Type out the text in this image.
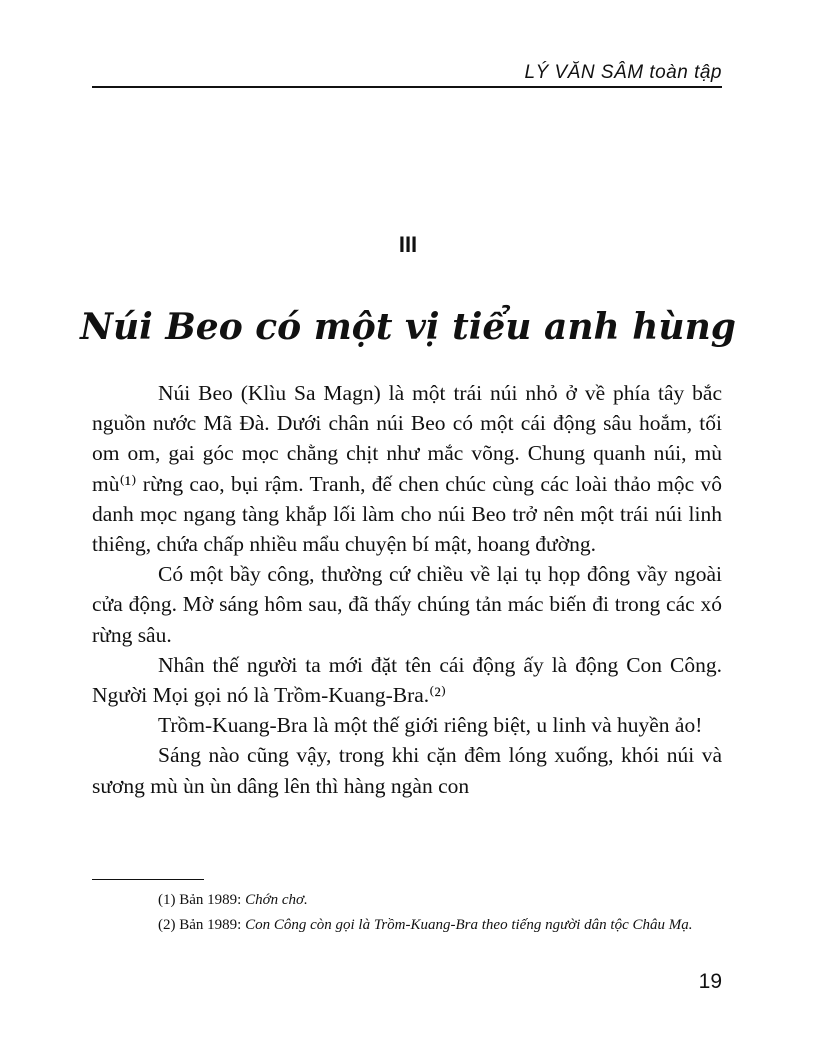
LÝ VĂN SÂM toàn tập
III
Núi Beo có một vị tiểu anh hùng

Núi Beo (Klìu Sa Magn) là một trái núi nhỏ ở về phía tây bắc nguồn nước Mã Đà. Dưới chân núi Beo có một cái động sâu hoắm, tối om om, gai góc mọc chằng chịt như mắc võng. Chung quanh núi, mù mù⁽¹⁾ rừng cao, bụi rậm. Tranh, đế chen chúc cùng các loài thảo mộc vô danh mọc ngang tàng khắp lối làm cho núi Beo trở nên một trái núi linh thiêng, chứa chấp nhiều mẩu chuyện bí mật, hoang đường.

Có một bầy công, thường cứ chiều về lại tụ họp đông vầy ngoài cửa động. Mờ sáng hôm sau, đã thấy chúng tản mác biến đi trong các xó rừng sâu.

Nhân thế người ta mới đặt tên cái động ấy là động Con Công. Người Mọi gọi nó là Trồm-Kuang-Bra.⁽²⁾

Trồm-Kuang-Bra là một thế giới riêng biệt, u linh và huyền ảo!

Sáng nào cũng vậy, trong khi cặn đêm lóng xuống, khói núi và sương mù ùn ùn dâng lên thì hàng ngàn con

(1) Bản 1989: Chớn chơ.

(2) Bản 1989: Con Công còn gọi là Trồm-Kuang-Bra theo tiếng người dân tộc Châu Mạ.

19
